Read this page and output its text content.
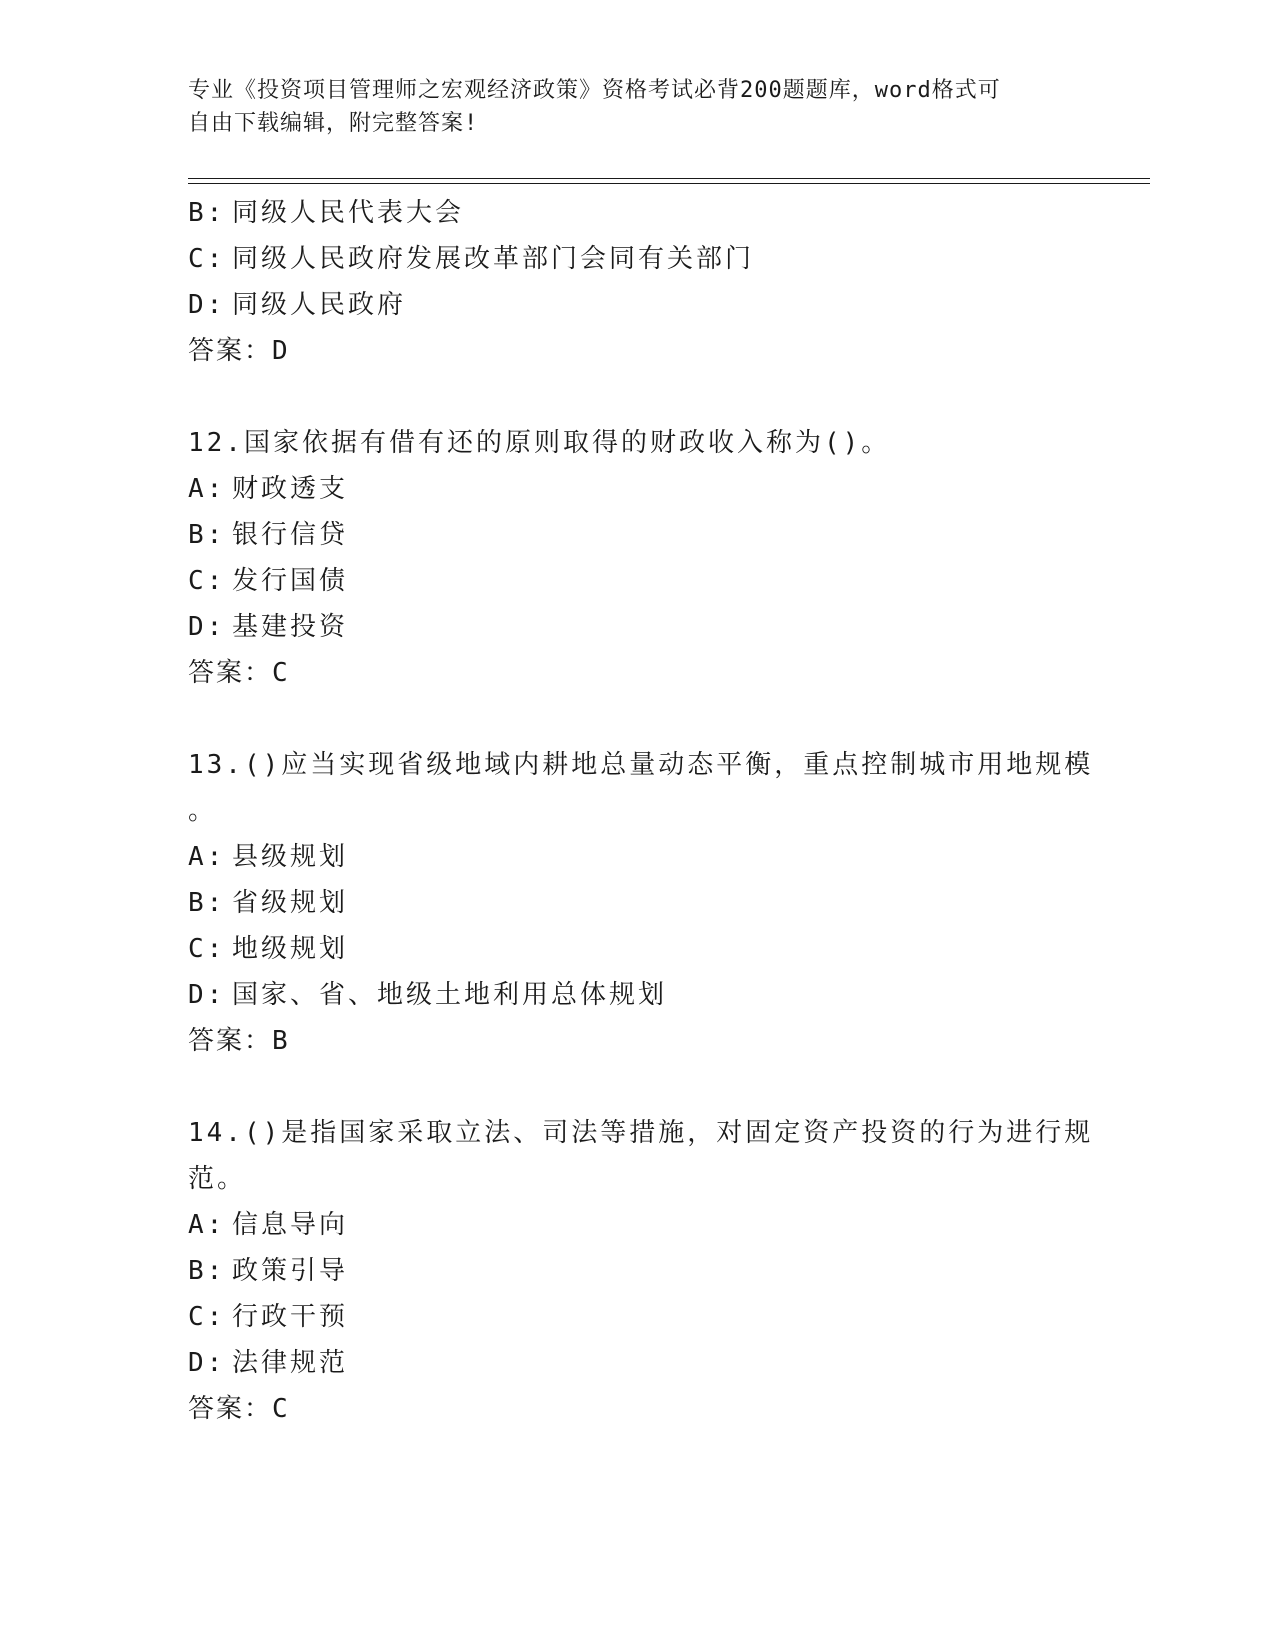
专业《投资项目管理师之宏观经济政策》资格考试必背200题题库，word格式可
自由下载编辑，附完整答案!
B: 同级人民代表大会
C: 同级人民政府发展改革部门会同有关部门
D: 同级人民政府
答案：D
12.国家依据有借有还的原则取得的财政收入称为()。
A: 财政透支
B: 银行信贷
C: 发行国债
D: 基建投资
答案：C
13.()应当实现省级地域内耕地总量动态平衡，重点控制城市用地规模
。
A: 县级规划
B: 省级规划
C: 地级规划
D: 国家、省、地级土地利用总体规划
答案：B
14.()是指国家采取立法、司法等措施，对固定资产投资的行为进行规
范。
A: 信息导向
B: 政策引导
C: 行政干预
D: 法律规范
答案：C
